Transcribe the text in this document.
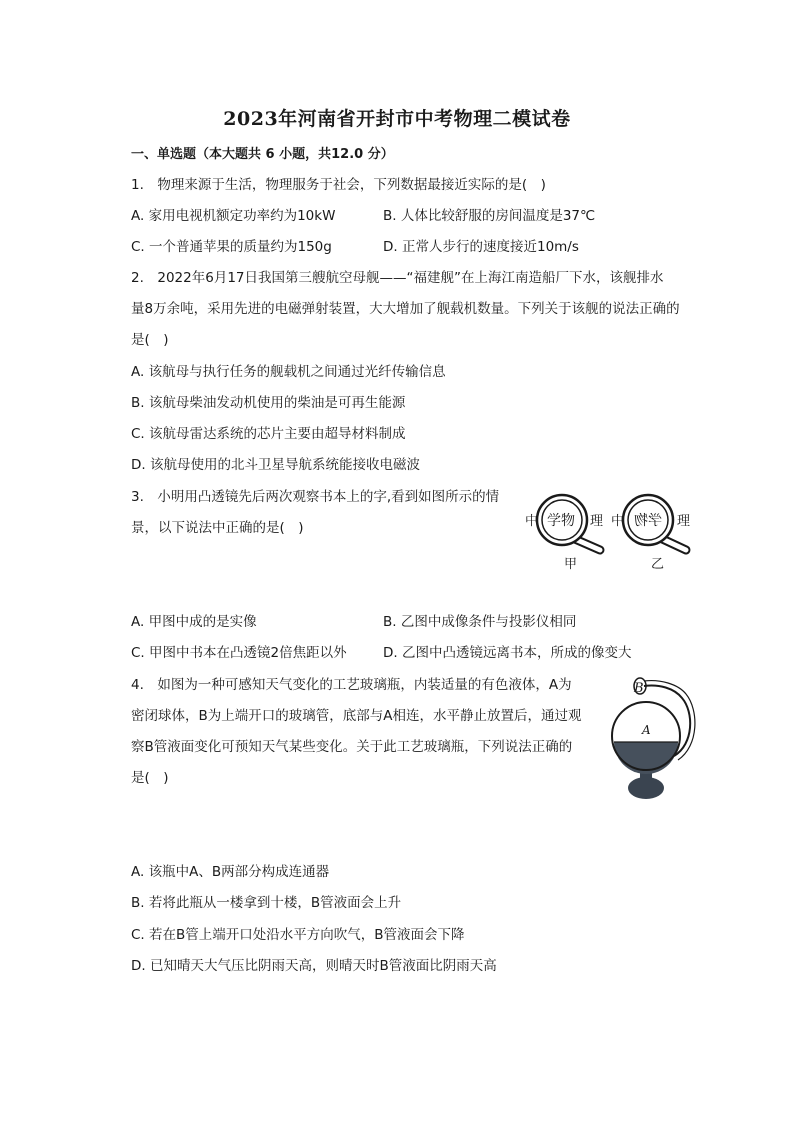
2023年河南省开封市中考物理二模试卷
一、单选题（本大题共 6 小题，共12.0 分）
1.　物理来源于生活，物理服务于社会，下列数据最接近实际的是(　)
A. 家用电视机额定功率约为10kW	B. 人体比较舒服的房间温度是37℃
C. 一个普通苹果的质量约为150g	D. 正常人步行的速度接近10m/s
2.　2022年6月17日我国第三艘航空母舰——“福建舰”在上海江南造船厂下水，该舰排水
量8万余吨，采用先进的电磁弹射装置，大大增加了舰载机数量。下列关于该舰的说法正确的
是(　)
A. 该航母与执行任务的舰载机之间通过光纤传输信息
B. 该航母柴油发动机使用的柴油是可再生能源
C. 该航母雷达系统的芯片主要由超导材料制成
D. 该航母使用的北斗卫星导航系统能接收电磁波
3.　小明用凸透镜先后两次观察书本上的字,看到如图所示的情
景，以下说法中正确的是(　)	中 学物 理
甲
中 学物 理
乙
A. 甲图中成的是实像	B. 乙图中成像条件与投影仪相同
C. 甲图中书本在凸透镜2倍焦距以外	D. 乙图中凸透镜远离书本，所成的像变大
4.　如图为一种可感知天气变化的工艺玻璃瓶，内装适量的有色液体，A为
密闭球体，B为上端开口的玻璃管，底部与A相连，水平静止放置后，通过观
察B管液面变化可预知天气某些变化。关于此工艺玻璃瓶，下列说法正确的
是(　)
B
A
A. 该瓶中A、B两部分构成连通器
B. 若将此瓶从一楼拿到十楼，B管液面会上升
C. 若在B管上端开口处沿水平方向吹气，B管液面会下降
D. 已知晴天大气压比阴雨天高，则晴天时B管液面比阴雨天高
